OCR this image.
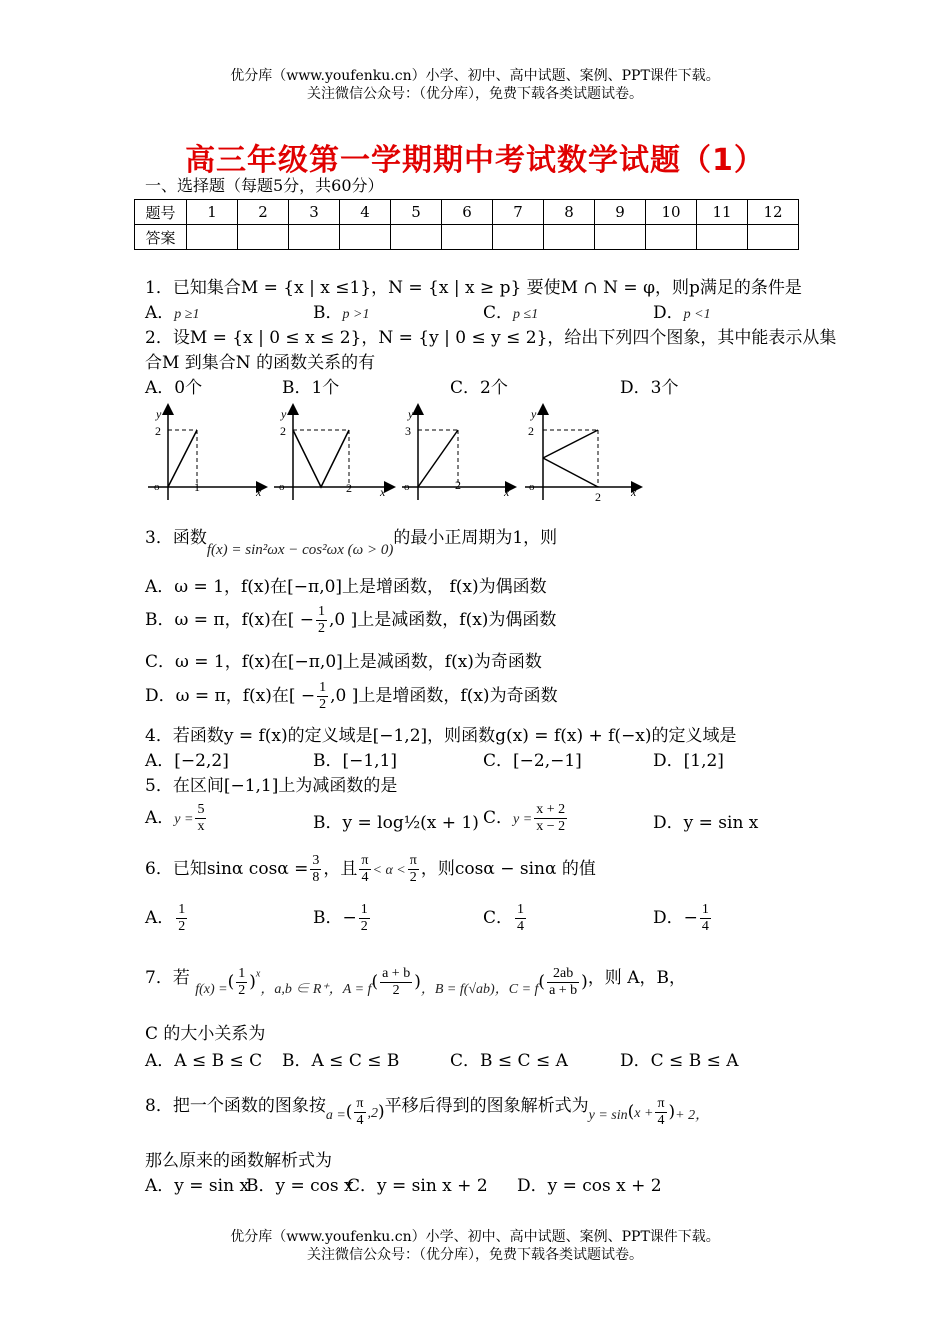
优分库（www.youfenku.cn）小学、初中、高中试题、案例、PPT课件下载。
关注微信公众号：（优分库），免费下载各类试题试卷。
高三年级第一学期期中考试数学试题（1）
一、选择题（每题5分，共60分）
题号	1	2	3	4	5	6	7	8	9	10	11	12
答案												
1．已知集合M = {x | x ≤1}，N = {x | x ≥ p} 要使M ∩ N = φ，则p满足的条件是
A．p ≥1	B．p >1	C．p ≤1	D．p <1
2．设M = {x | 0 ≤ x ≤ 2}，N = {y | 0 ≤ y ≤ 2}，给出下列四个图象，其中能表示从集
合M 到集合N 的函数关系的有
A．0个	B．1个	C．2个	D．3个
y
2
o	1	x
y
2
o	2 x
y
3
o	2	x
y
2
o
2	x
3．函数f(x) = sin²ωx − cos²ωx (ω > 0)的最小正周期为1，则
A．ω = 1，f(x)在[−π,0]上是增函数， f(x)为偶函数
B．ω = π，f(x)在[ − $\frac{1}{2} ,0$ ]上是减函数，f(x)为偶函数
C．ω = 1，f(x)在[−π,0]上是减函数，f(x)为奇函数
D．ω = π，f(x)在[ − $\frac{1}{2} ,0$ ]上是增函数，f(x)为奇函数
4．若函数y = f(x)的定义域是[−1,2]，则函数g(x) = f(x) + f(−x)的定义域是
A．[−2,2]	B．[−1,1]	C．[−2,−1]	D．[1,2]
5．在区间[−1,1]上为减函数的是
A．$y = \frac{5}{x}$	B．y = log½(x + 1) C．$y = \frac{x + 2}{x - 2}$	D．y = sin x
6．已知sinα $\cos\alpha = \frac{3}{8}$ ，且 $\frac{\pi}{4} < \alpha < \frac{\pi}{2}$ ，则cosα − sinα 的值
A． $\frac{1}{2}$	B．− $\frac{1}{2}$	C． $\frac{1}{4}$	D．− $\frac{1}{4}$
7．若 $_{f(x) =}( \frac{1}{2} )^x_{,a,b \in R^+,A = f}( \frac{a + b}{2} )_{,B = f(√ab),C = f}( \frac{2ab}{a + b}$ )，则 A，B，
C 的大小关系为
A．A ≤ B ≤ C B．A ≤ C ≤ B	C．B ≤ C ≤ A	D．C ≤ B ≤ A
8．把一个函数的图象按$_{a =}( \frac{\pi}{4} ,2)$平移后得到的图象解析式为$_{y = sin}(x + \frac{\pi}{4} )_{+ 2,}$
那么原来的函数解析式为
A．y = sin x
B．y = cos x
C．y = sin x + 2 D．y = cos x + 2
优分库（www.youfenku.cn）小学、初中、高中试题、案例、PPT课件下载。
关注微信公众号：（优分库），免费下载各类试题试卷。
